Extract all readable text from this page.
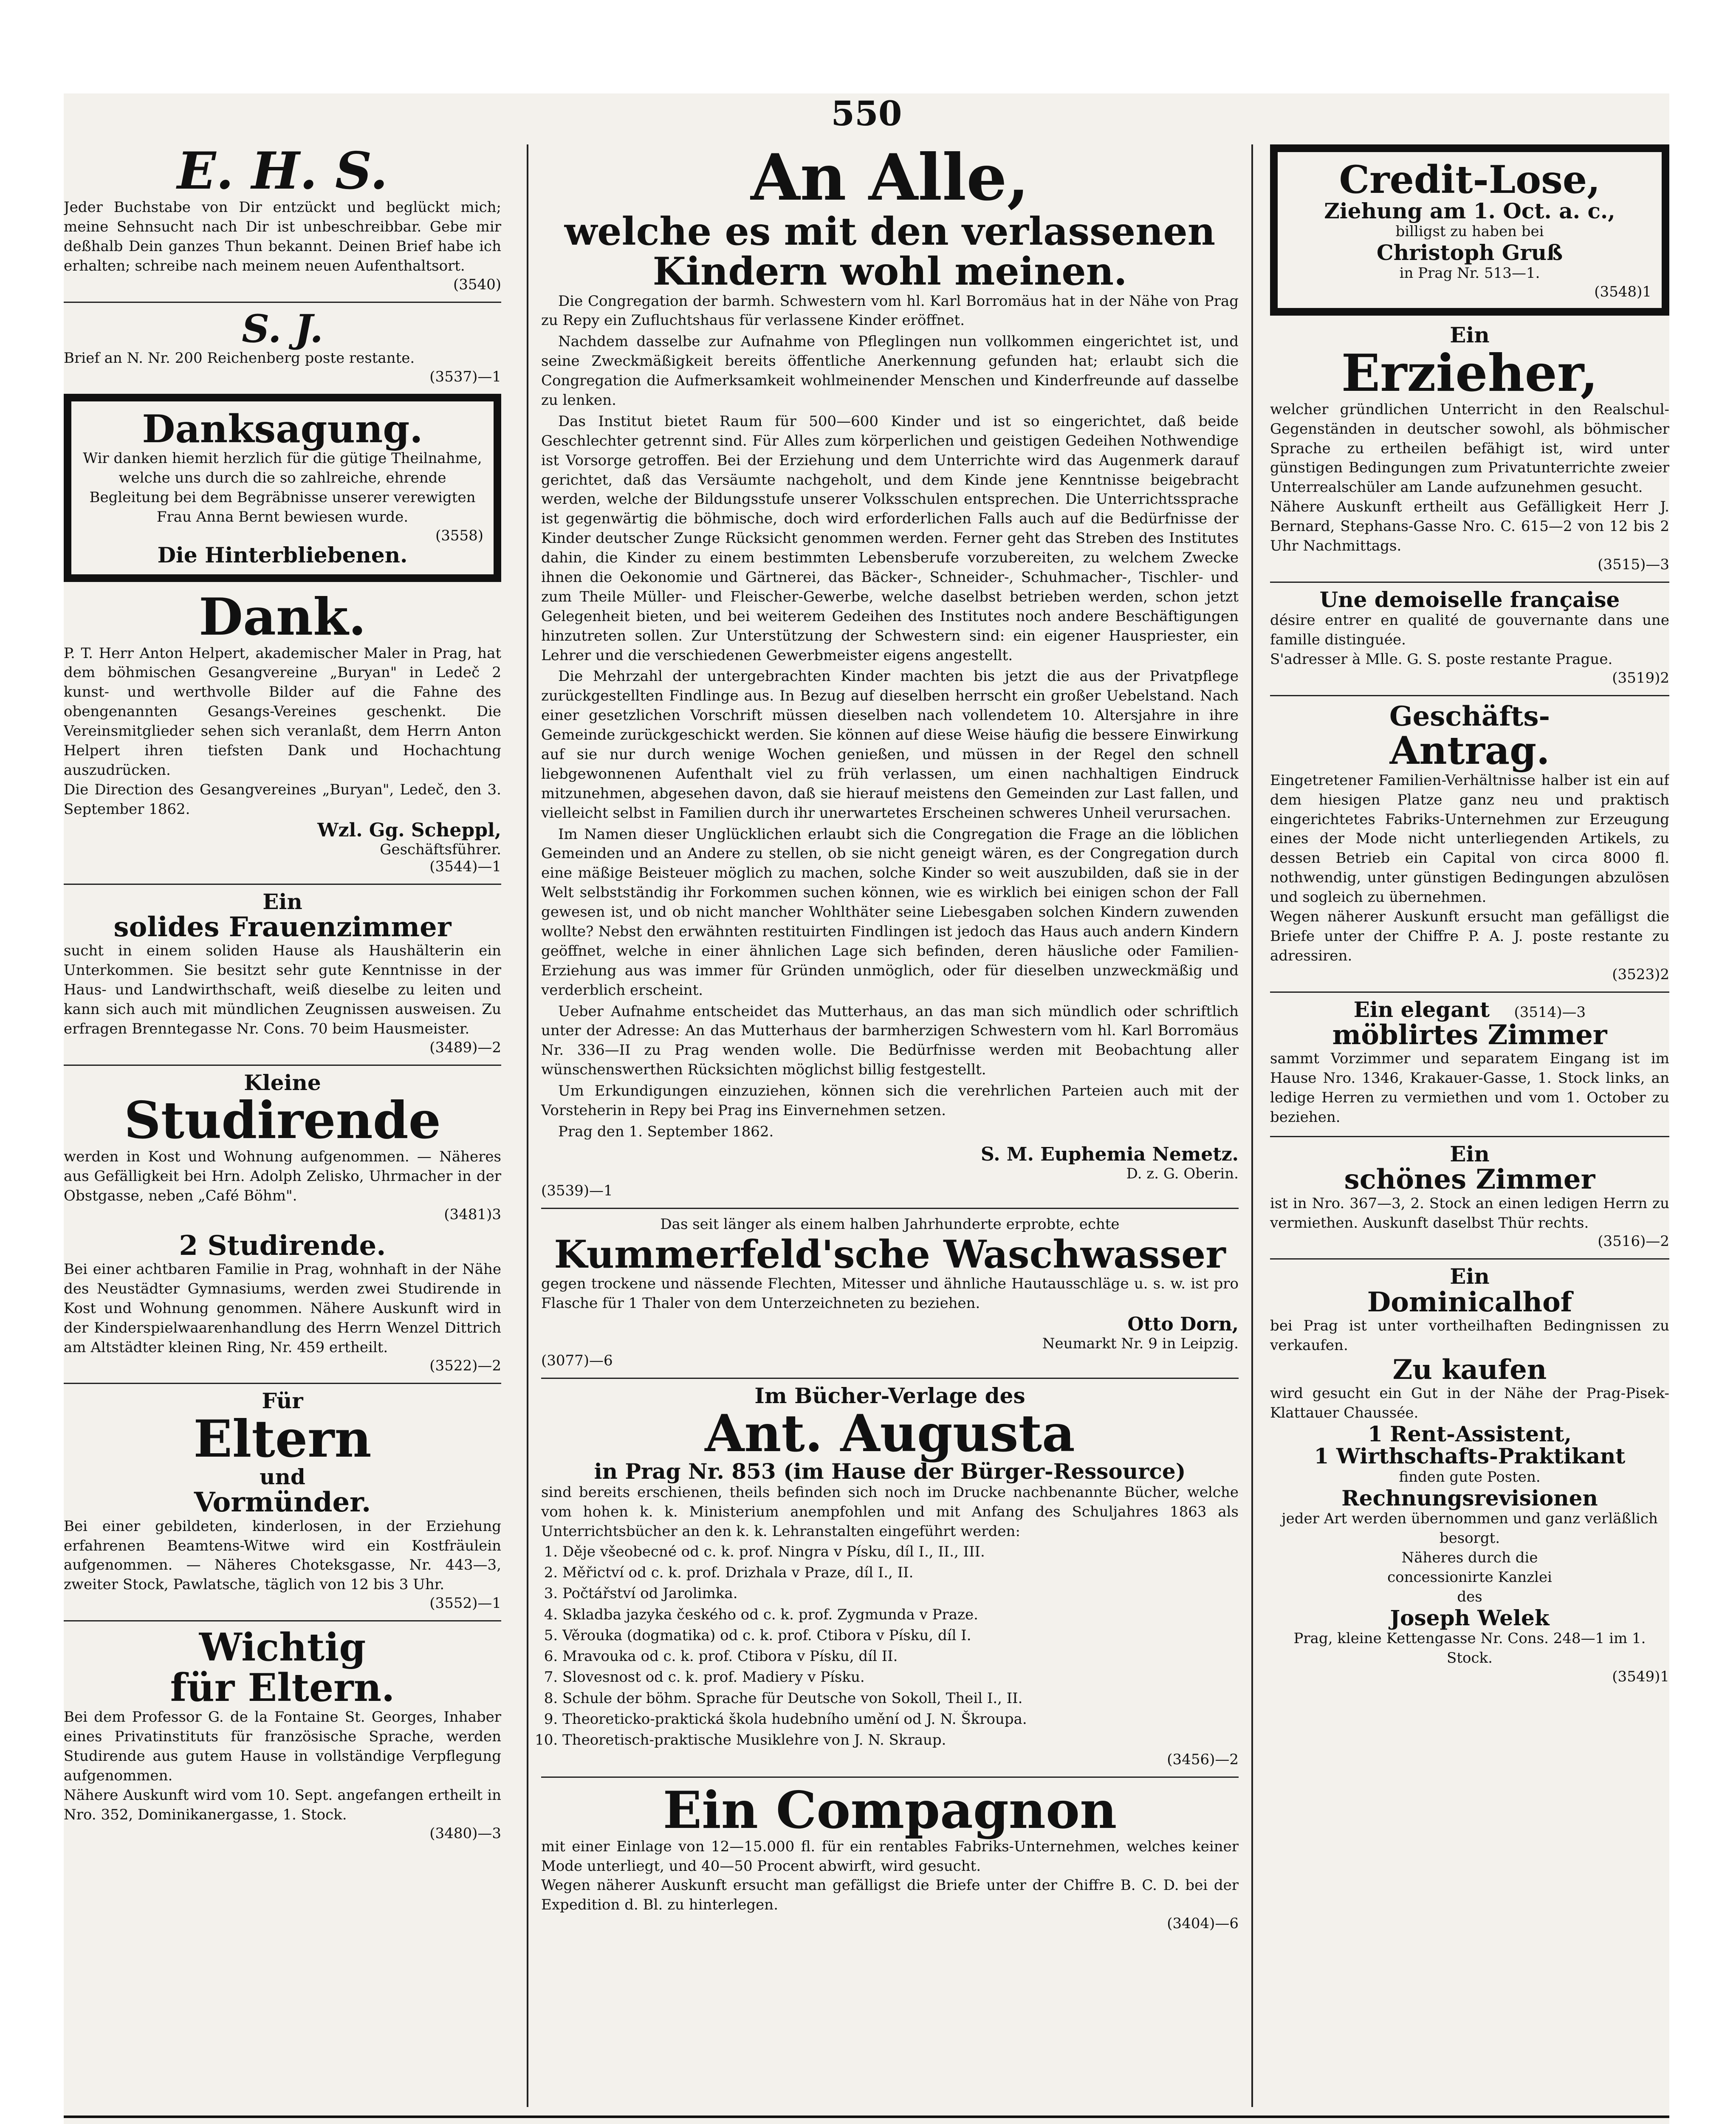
550
E. H. S.
Jeder Buchstabe von Dir entzückt und beglückt mich; meine Sehnsucht nach Dir ist unbeschreibbar. Gebe mir deßhalb Dein ganzes Thun bekannt. Deinen Brief habe ich erhalten; schreibe nach meinem neuen Aufenthaltsort.
(3540)
S. J.
Brief an N. Nr. 200 Reichenberg poste restante.
(3537)—1
Danksagung.
Wir danken hiemit herzlich für die gütige Theilnahme, welche uns durch die so zahlreiche, ehrende Begleitung bei dem Begräbnisse unserer verewigten Frau Anna Bernt bewiesen wurde.
(3558)
Die Hinterbliebenen.
Dank.
P. T. Herr Anton Helpert, akademischer Maler in Prag, hat dem böhmischen Gesangvereine „Buryan" in Ledeč 2 kunst- und werthvolle Bilder auf die Fahne des obengenannten Gesangs-Vereines geschenkt. Die Vereinsmitglieder sehen sich veranlaßt, dem Herrn Anton Helpert ihren tiefsten Dank und Hochachtung auszudrücken.
Die Direction des Gesangvereines „Buryan", Ledeč, den 3. September 1862.
Wzl. Gg. Scheppl,
Geschäftsführer.
(3544)—1
Ein
solides Frauenzimmer
sucht in einem soliden Hause als Haushälterin ein Unterkommen. Sie besitzt sehr gute Kenntnisse in der Haus- und Landwirthschaft, weiß dieselbe zu leiten und kann sich auch mit mündlichen Zeugnissen ausweisen. Zu erfragen Brenntegasse Nr. Cons. 70 beim Hausmeister.
(3489)—2
Kleine
Studirende
werden in Kost und Wohnung aufgenommen. — Näheres aus Gefälligkeit bei Hrn. Adolph Zelisko, Uhrmacher in der Obstgasse, neben „Café Böhm".
(3481)3
2 Studirende.
Bei einer achtbaren Familie in Prag, wohnhaft in der Nähe des Neustädter Gymnasiums, werden zwei Studirende in Kost und Wohnung genommen. Nähere Auskunft wird in der Kinderspielwaarenhandlung des Herrn Wenzel Dittrich am Altstädter kleinen Ring, Nr. 459 ertheilt.
(3522)—2
Für
Eltern
und
Vormünder.
Bei einer gebildeten, kinderlosen, in der Erziehung erfahrenen Beamtens-Witwe wird ein Kostfräulein aufgenommen. — Näheres Choteksgasse, Nr. 443—3, zweiter Stock, Pawlatsche, täglich von 12 bis 3 Uhr.
(3552)—1
Wichtig
für Eltern.
Bei dem Professor G. de la Fontaine St. Georges, Inhaber eines Privatinstituts für französische Sprache, werden Studirende aus gutem Hause in vollständige Verpflegung aufgenommen.
Nähere Auskunft wird vom 10. Sept. angefangen ertheilt in Nro. 352, Dominikanergasse, 1. Stock.
(3480)—3
An Alle,
welche es mit den verlassenen Kindern wohl meinen.

Die Congregation der barmh. Schwestern vom hl. Karl Borromäus hat in der Nähe von Prag zu Repy ein Zufluchtshaus für verlassene Kinder eröffnet.

Nachdem dasselbe zur Aufnahme von Pfleglingen nun vollkommen eingerichtet ist, und seine Zweckmäßigkeit bereits öffentliche Anerkennung gefunden hat; erlaubt sich die Congregation die Aufmerksamkeit wohlmeinender Menschen und Kinderfreunde auf dasselbe zu lenken.

Das Institut bietet Raum für 500—600 Kinder und ist so eingerichtet, daß beide Geschlechter getrennt sind. Für Alles zum körperlichen und geistigen Gedeihen Nothwendige ist Vorsorge getroffen. Bei der Erziehung und dem Unterrichte wird das Augenmerk darauf gerichtet, daß das Versäumte nachgeholt, und dem Kinde jene Kenntnisse beigebracht werden, welche der Bildungsstufe unserer Volksschulen entsprechen. Die Unterrichtssprache ist gegenwärtig die böhmische, doch wird erforderlichen Falls auch auf die Bedürfnisse der Kinder deutscher Zunge Rücksicht genommen werden. Ferner geht das Streben des Institutes dahin, die Kinder zu einem bestimmten Lebensberufe vorzubereiten, zu welchem Zwecke ihnen die Oekonomie und Gärtnerei, das Bäcker-, Schneider-, Schuhmacher-, Tischler- und zum Theile Müller- und Fleischer-Gewerbe, welche daselbst betrieben werden, schon jetzt Gelegenheit bieten, und bei weiterem Gedeihen des Institutes noch andere Beschäftigungen hinzutreten sollen. Zur Unterstützung der Schwestern sind: ein eigener Hauspriester, ein Lehrer und die verschiedenen Gewerbmeister eigens angestellt.

Die Mehrzahl der untergebrachten Kinder machten bis jetzt die aus der Privatpflege zurückgestellten Findlinge aus. In Bezug auf dieselben herrscht ein großer Uebelstand. Nach einer gesetzlichen Vorschrift müssen dieselben nach vollendetem 10. Altersjahre in ihre Gemeinde zurückgeschickt werden. Sie können auf diese Weise häufig die bessere Einwirkung auf sie nur durch wenige Wochen genießen, und müssen in der Regel den schnell liebgewonnenen Aufenthalt viel zu früh verlassen, um einen nachhaltigen Eindruck mitzunehmen, abgesehen davon, daß sie hierauf meistens den Gemeinden zur Last fallen, und vielleicht selbst in Familien durch ihr unerwartetes Erscheinen schweres Unheil verursachen.

Im Namen dieser Unglücklichen erlaubt sich die Congregation die Frage an die löblichen Gemeinden und an Andere zu stellen, ob sie nicht geneigt wären, es der Congregation durch eine mäßige Beisteuer möglich zu machen, solche Kinder so weit auszubilden, daß sie in der Welt selbstständig ihr Forkommen suchen können, wie es wirklich bei einigen schon der Fall gewesen ist, und ob nicht mancher Wohlthäter seine Liebesgaben solchen Kindern zuwenden wollte? Nebst den erwähnten restituirten Findlingen ist jedoch das Haus auch andern Kindern geöffnet, welche in einer ähnlichen Lage sich befinden, deren häusliche oder Familien-Erziehung aus was immer für Gründen unmöglich, oder für dieselben unzweckmäßig und verderblich erscheint.

Ueber Aufnahme entscheidet das Mutterhaus, an das man sich mündlich oder schriftlich unter der Adresse: An das Mutterhaus der barmherzigen Schwestern vom hl. Karl Borromäus Nr. 336—II zu Prag wenden wolle. Die Bedürfnisse werden mit Beobachtung aller wünschenswerthen Rücksichten möglichst billig festgestellt.

Um Erkundigungen einzuziehen, können sich die verehrlichen Parteien auch mit der Vorsteherin in Repy bei Prag ins Einvernehmen setzen.

Prag den 1. September 1862.

S. M. Euphemia Nemetz.
D. z. G. Oberin.
(3539)—1
Das seit länger als einem halben Jahrhunderte erprobte, echte
Kummerfeld'sche Waschwasser
gegen trockene und nässende Flechten, Mitesser und ähnliche Hautausschläge u. s. w. ist pro Flasche für 1 Thaler von dem Unterzeichneten zu beziehen.
Otto Dorn,
Neumarkt Nr. 9 in Leipzig.
(3077)—6
Im Bücher-Verlage des
Ant. Augusta
in Prag Nr. 853 (im Hause der Bürger-Ressource)
sind bereits erschienen, theils befinden sich noch im Drucke nachbenannte Bücher, welche vom hohen k. k. Ministerium anempfohlen und mit Anfang des Schuljahres 1863 als Unterrichtsbücher an den k. k. Lehranstalten eingeführt werden:
1. Děje všeobecné od c. k. prof. Ningra v Písku, díl I., II., III.
2. Měřictví od c. k. prof. Drizhala v Praze, díl I., II.
3. Počtářství od Jarolimka.
4. Skladba jazyka českého od c. k. prof. Zygmunda v Praze.
5. Věrouka (dogmatika) od c. k. prof. Ctibora v Písku, díl I.
6. Mravouka od c. k. prof. Ctibora v Písku, díl II.
7. Slovesnost od c. k. prof. Madiery v Písku.
8. Schule der böhm. Sprache für Deutsche von Sokoll, Theil I., II.
9. Theoreticko-praktická škola hudebního umění od J. N. Škroupa.
10. Theoretisch-praktische Musiklehre von J. N. Skraup.
(3456)—2
Ein Compagnon
mit einer Einlage von 12—15.000 fl. für ein rentables Fabriks-Unternehmen, welches keiner Mode unterliegt, und 40—50 Procent abwirft, wird gesucht.
Wegen näherer Auskunft ersucht man gefälligst die Briefe unter der Chiffre B. C. D. bei der Expedition d. Bl. zu hinterlegen.
(3404)—6
Credit-Lose,
Ziehung am 1. Oct. a. c.,
billigst zu haben bei
Christoph Gruß
in Prag Nr. 513—1.
(3548)1
Ein
Erzieher,
welcher gründlichen Unterricht in den Realschul-Gegenständen in deutscher sowohl, als böhmischer Sprache zu ertheilen befähigt ist, wird unter günstigen Bedingungen zum Privatunterrichte zweier Unterrealschüler am Lande aufzunehmen gesucht.
Nähere Auskunft ertheilt aus Gefälligkeit Herr J. Bernard, Stephans-Gasse Nro. C. 615—2 von 12 bis 2 Uhr Nachmittags.
(3515)—3
Une demoiselle française
désire entrer en qualité de gouvernante dans une famille distinguée.
S'adresser à Mlle. G. S. poste restante Prague.
(3519)2
Geschäfts-
Antrag.
Eingetretener Familien-Verhältnisse halber ist ein auf dem hiesigen Platze ganz neu und praktisch eingerichtetes Fabriks-Unternehmen zur Erzeugung eines der Mode nicht unterliegenden Artikels, zu dessen Betrieb ein Capital von circa 8000 fl. nothwendig, unter günstigen Bedingungen abzulösen und sogleich zu übernehmen.
Wegen näherer Auskunft ersucht man gefälligst die Briefe unter der Chiffre P. A. J. poste restante zu adressiren.
(3523)2
Ein elegant (3514)—3
möblirtes Zimmer
sammt Vorzimmer und separatem Eingang ist im Hause Nro. 1346, Krakauer-Gasse, 1. Stock links, an ledige Herren zu vermiethen und vom 1. October zu beziehen.
Ein
schönes Zimmer
ist in Nro. 367—3, 2. Stock an einen ledigen Herrn zu vermiethen. Auskunft daselbst Thür rechts.
(3516)—2
Ein
Dominicalhof
bei Prag ist unter vortheilhaften Bedingnissen zu verkaufen.
Zu kaufen
wird gesucht ein Gut in der Nähe der Prag-Pisek-Klattauer Chaussée.
1 Rent-Assistent,
1 Wirthschafts-Praktikant
finden gute Posten.
Rechnungsrevisionen
jeder Art werden übernommen und ganz verläßlich besorgt.
Näheres durch die
concessionirte Kanzlei
des
Joseph Welek
Prag, kleine Kettengasse Nr. Cons. 248—1 im 1. Stock.
(3549)1
